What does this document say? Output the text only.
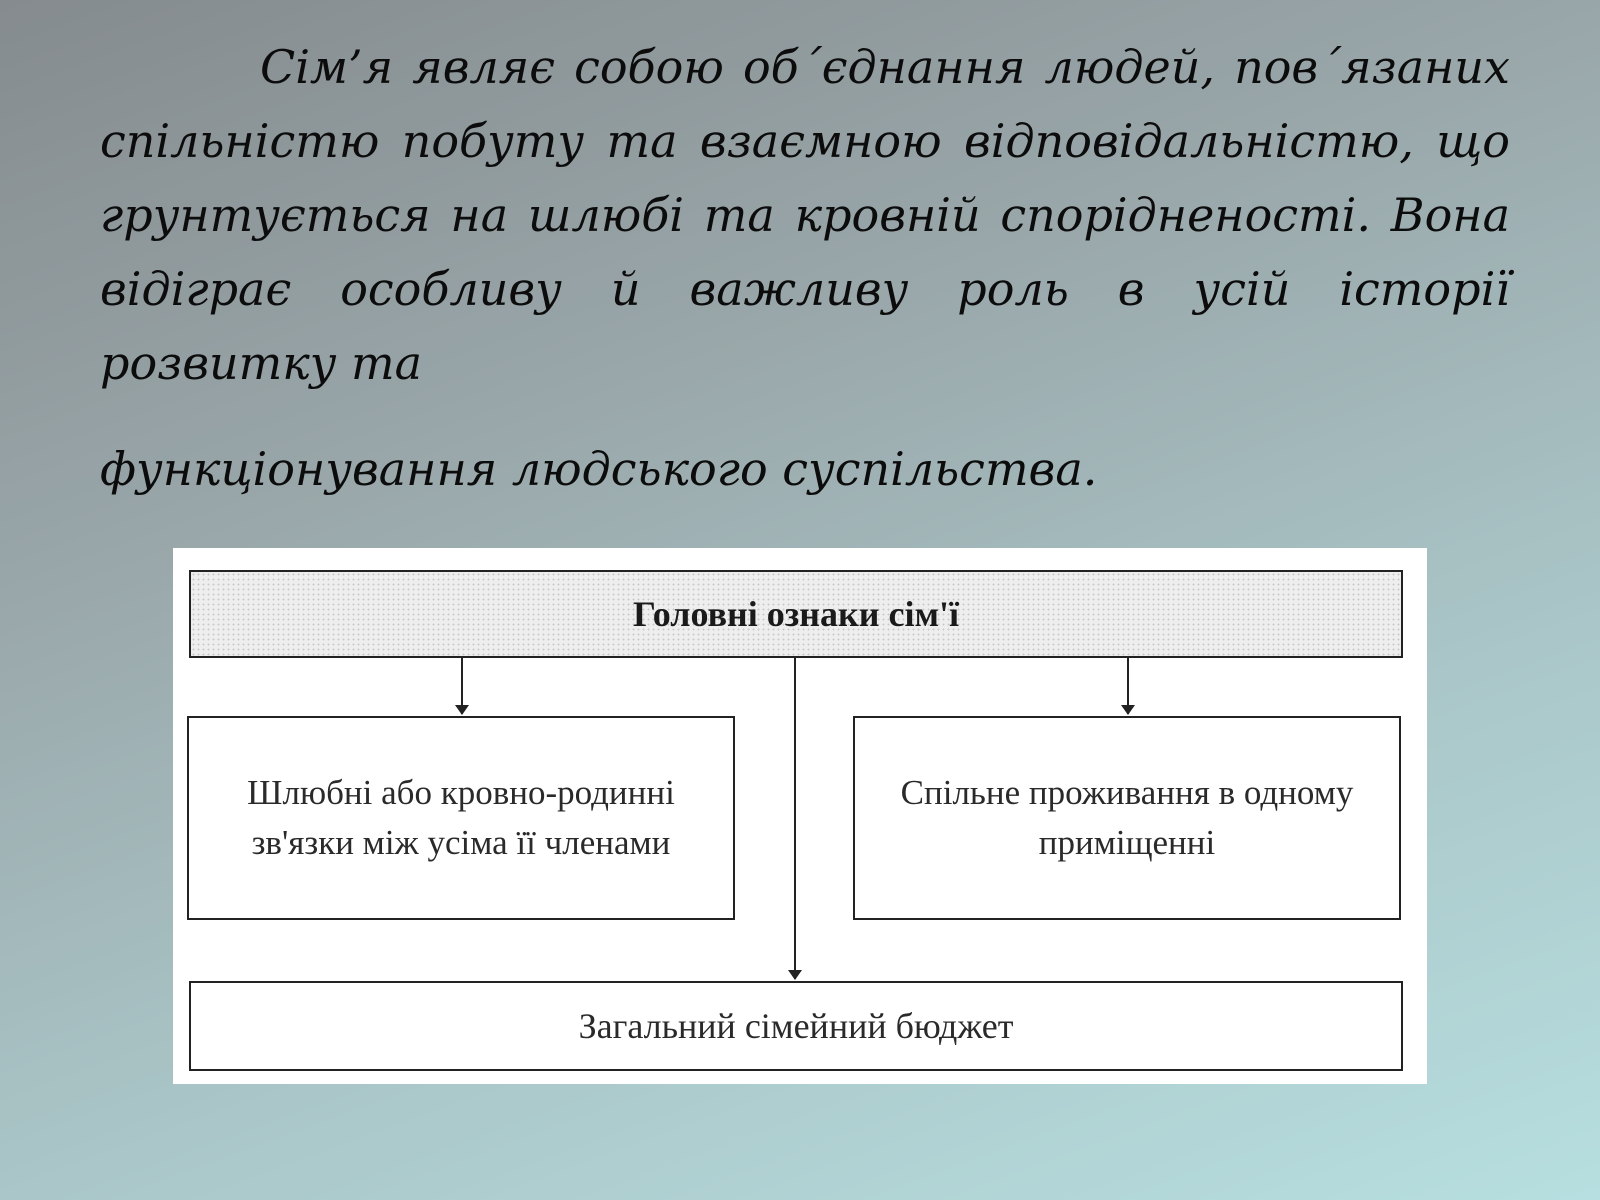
Сім’я являє собою об´єднання людей, пов´язаних спільністю побуту та взаємною відповідальністю, що грунтується на шлюбі та кровній спорідненості. Вона відіграє особливу й важливу роль в усій історії розвитку та
функціонування людського суспільства.

Головні ознаки сім'ї
Шлюбні або кровно-родинні зв'язки між усіма її членами
Спільне проживання в одному приміщенні
Загальний сімейний бюджет
